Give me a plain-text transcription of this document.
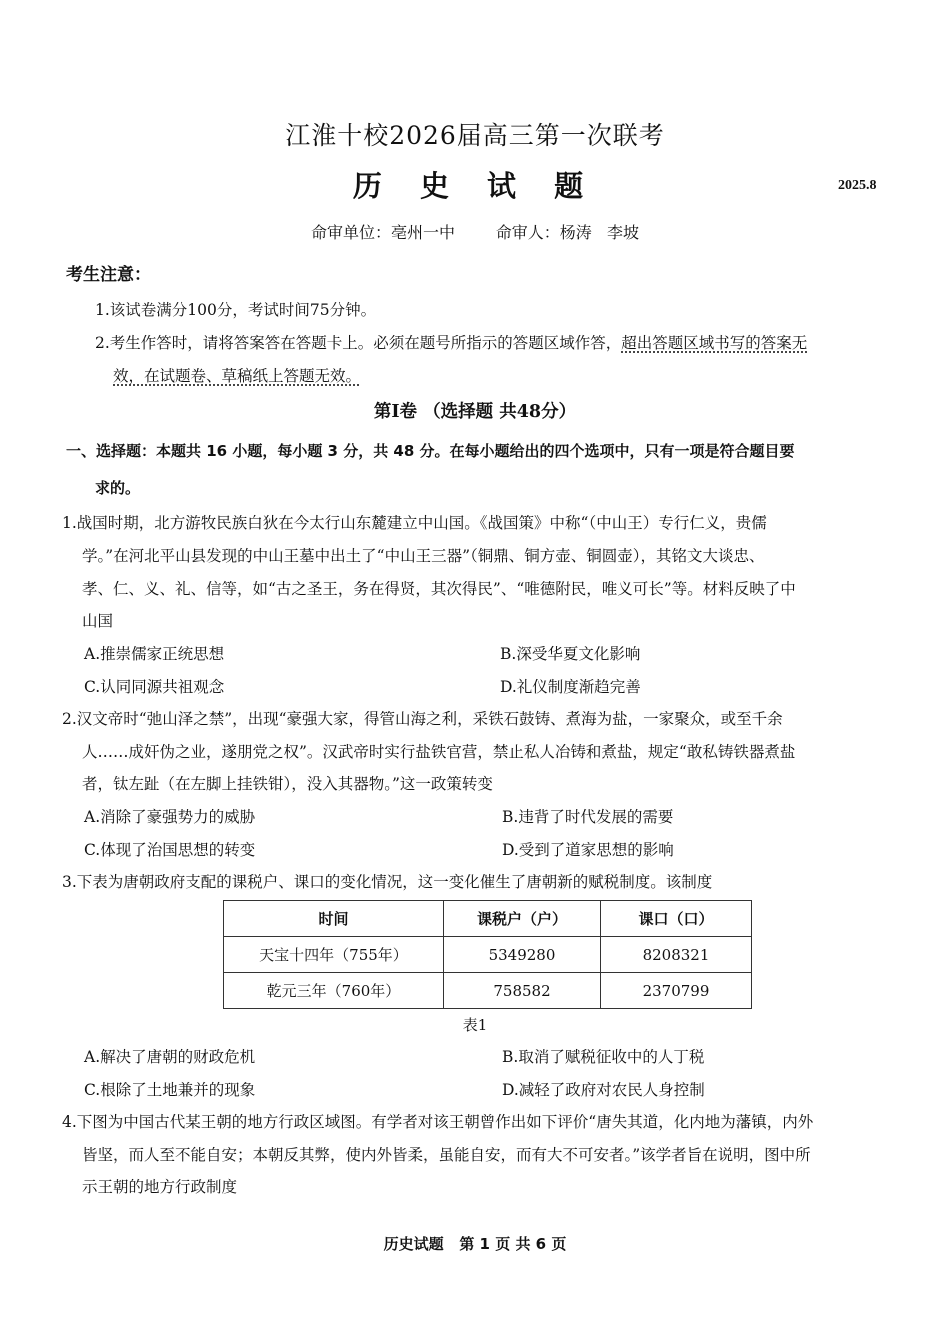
江淮十校2026届高三第一次联考
历 史 试 题	2025.8
命审单位：亳州一中        命审人：杨涛   李坡
考生注意：
1.该试卷满分100分，考试时间75分钟。
2.考生作答时，请将答案答在答题卡上。必须在题号所指示的答题区域作答，超出答题区域书写的答案无
效，在试题卷、草稿纸上答题无效。
第Ⅰ卷 （选择题 共48分）
一、选择题：本题共 16 小题，每小题 3 分，共 48 分。在每小题给出的四个选项中，只有一项是符合题目要
求的。
1.战国时期，北方游牧民族白狄在今太行山东麓建立中山国。《战国策》中称“（中山王）专行仁义，贵儒
学。”在河北平山县发现的中山王墓中出土了“中山王三器”（铜鼎、铜方壶、铜圆壶），其铭文大谈忠、
孝、仁、义、礼、信等，如“古之圣王，务在得贤，其次得民”、“唯德附民，唯义可长”等。材料反映了中
山国
A.推崇儒家正统思想	B.深受华夏文化影响
C.认同同源共祖观念	D.礼仪制度渐趋完善
2.汉文帝时“弛山泽之禁”，出现“豪强大家，得管山海之利，采铁石鼓铸、煮海为盐，一家聚众，或至千余
人……成奸伪之业，遂朋党之权”。汉武帝时实行盐铁官营，禁止私人冶铸和煮盐，规定“敢私铸铁器煮盐
者，钛左趾（在左脚上挂铁钳），没入其器物。”这一政策转变
A.消除了豪强势力的威胁	B.违背了时代发展的需要
C.体现了治国思想的转变	D.受到了道家思想的影响
3.下表为唐朝政府支配的课税户、课口的变化情况，这一变化催生了唐朝新的赋税制度。该制度
时间	课税户（户）	课口（口）
天宝十四年（755年）	5349280	8208321
乾元三年（760年）	758582	2370799
表1
A.解决了唐朝的财政危机	B.取消了赋税征收中的人丁税
C.根除了土地兼并的现象	D.减轻了政府对农民人身控制
4.下图为中国古代某王朝的地方行政区域图。有学者对该王朝曾作出如下评价“唐失其道，化内地为藩镇，内外
皆坚，而人至不能自安；本朝反其弊，使内外皆柔，虽能自安，而有大不可安者。”该学者旨在说明，图中所
示王朝的地方行政制度
历史试题   第 1 页 共 6 页
